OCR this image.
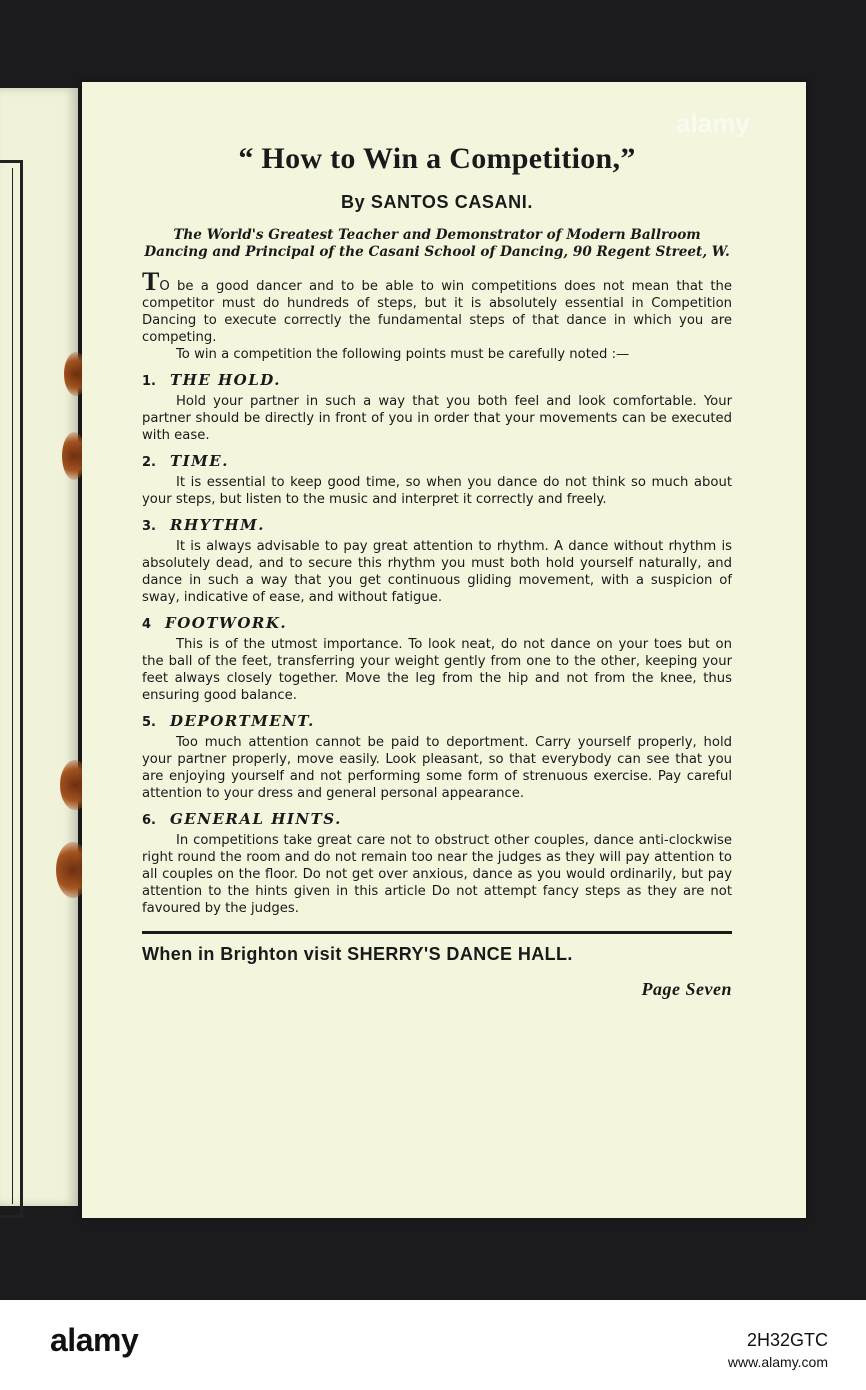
“ How to Win a Competition,”

By SANTOS CASANI.

The World's Greatest Teacher and Demonstrator of Modern Ballroom Dancing and Principal of the Casani School of Dancing, 90 Regent Street, W.

TO be a good dancer and to be able to win competitions does not mean that the competitor must do hundreds of steps, but it is absolutely essential in Competition Dancing to execute correctly the fundamental steps of that dance in which you are competing.

To win a competition the following points must be carefully noted :—

1. THE HOLD.

Hold your partner in such a way that you both feel and look comfortable. Your partner should be directly in front of you in order that your movements can be executed with ease.

2. TIME.

It is essential to keep good time, so when you dance do not think so much about your steps, but listen to the music and interpret it correctly and freely.

3. RHYTHM.

It is always advisable to pay great attention to rhythm. A dance without rhythm is absolutely dead, and to secure this rhythm you must both hold yourself naturally, and dance in such a way that you get continuous gliding movement, with a suspicion of sway, indicative of ease, and without fatigue.

4 FOOTWORK.

This is of the utmost importance. To look neat, do not dance on your toes but on the ball of the feet, transferring your weight gently from one to the other, keeping your feet always closely together. Move the leg from the hip and not from the knee, thus ensuring good balance.

5. DEPORTMENT.

Too much attention cannot be paid to deportment. Carry yourself properly, hold your partner properly, move easily. Look pleasant, so that everybody can see that you are enjoying yourself and not performing some form of strenuous exercise. Pay careful attention to your dress and general personal appearance.

6. GENERAL HINTS.

In competitions take great care not to obstruct other couples, dance anti-clockwise right round the room and do not remain too near the judges as they will pay attention to all couples on the floor. Do not get over anxious, dance as you would ordinarily, but pay attention to the hints given in this article Do not attempt fancy steps as they are not favoured by the judges.

When in Brighton visit SHERRY'S DANCE HALL.

Page Seven

alamy
alamy	2H32GTC
www.alamy.com
